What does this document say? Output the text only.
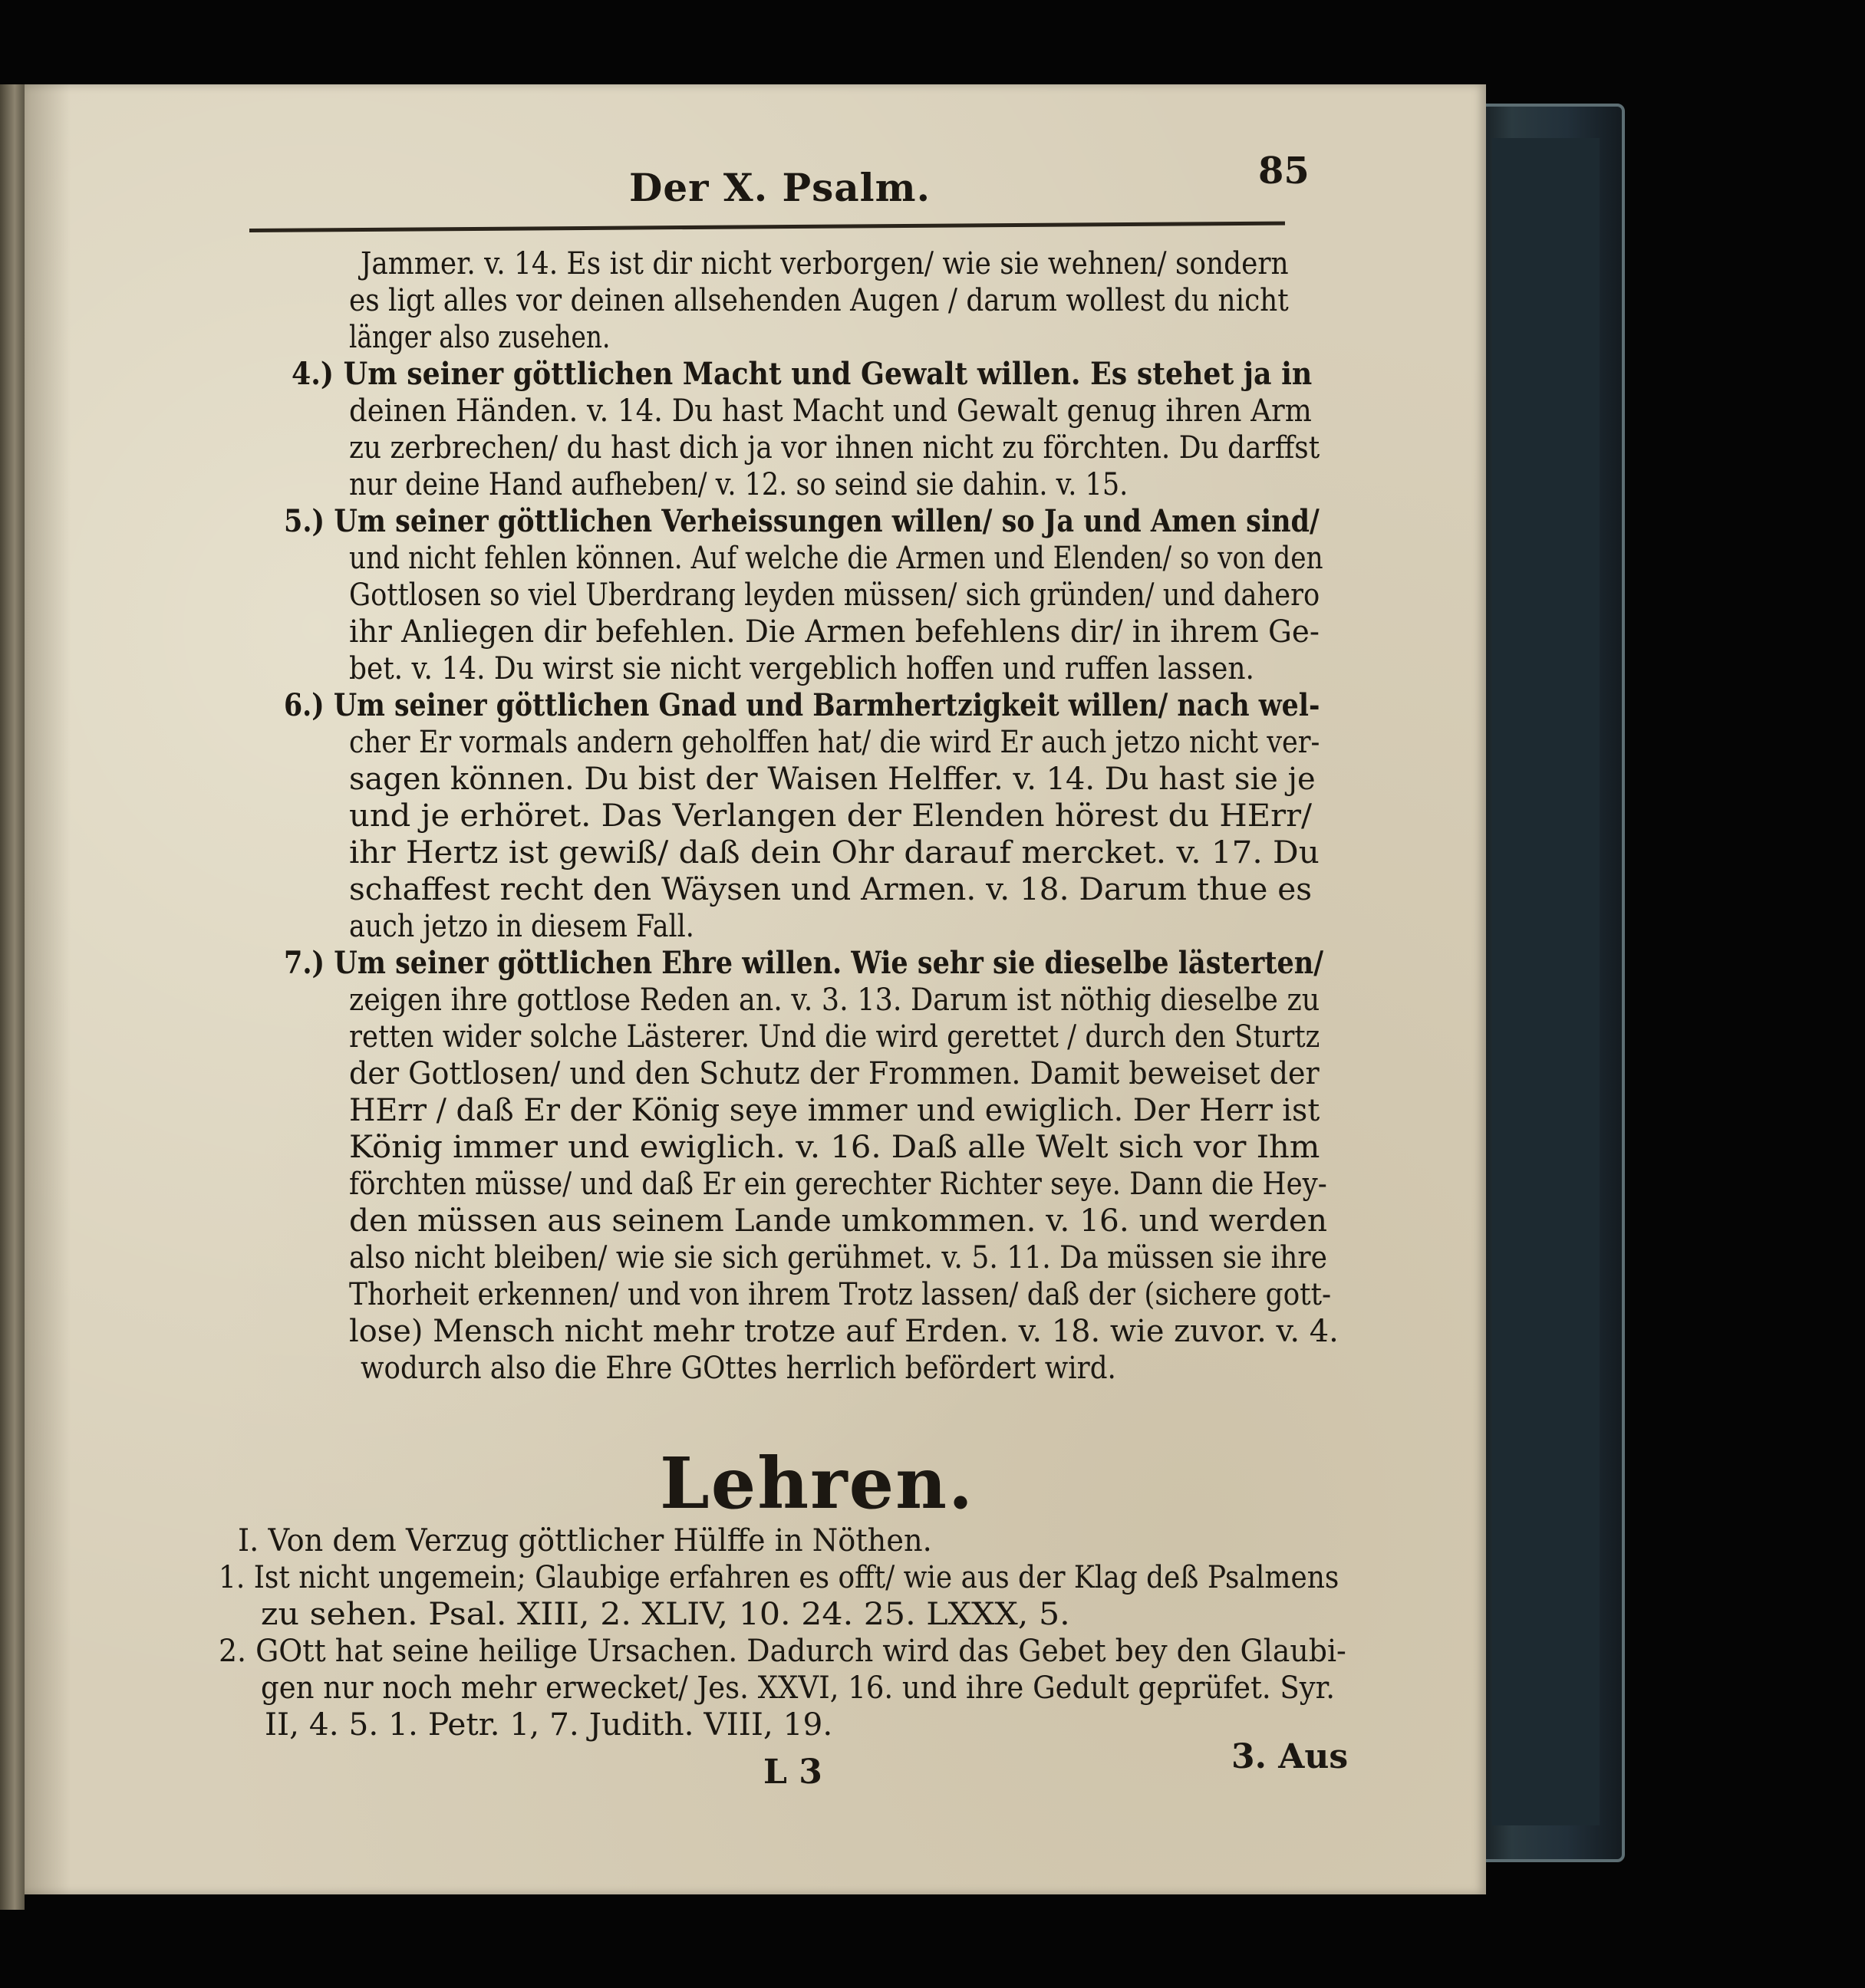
Der X. Psalm.	85
Jammer. v. 14. Es ist dir nicht verborgen/ wie sie wehnen/ sondern
es ligt alles vor deinen allsehenden Augen / darum wollest du nicht
länger also zusehen.
4.) Um seiner göttlichen Macht und Gewalt willen. Es stehet ja in
deinen Händen. v. 14. Du hast Macht und Gewalt genug ihren Arm
zu zerbrechen/ du hast dich ja vor ihnen nicht zu förchten. Du darffst
nur deine Hand aufheben/ v. 12. so seind sie dahin. v. 15.
5.) Um seiner göttlichen Verheissungen willen/ so Ja und Amen sind/
und nicht fehlen können. Auf welche die Armen und Elenden/ so von den
Gottlosen so viel Uberdrang leyden müssen/ sich gründen/ und dahero
ihr Anliegen dir befehlen. Die Armen befehlens dir/ in ihrem Ge-
bet. v. 14. Du wirst sie nicht vergeblich hoffen und ruffen lassen.
6.) Um seiner göttlichen Gnad und Barmhertzigkeit willen/ nach wel-
cher Er vormals andern geholffen hat/ die wird Er auch jetzo nicht ver-
sagen können. Du bist der Waisen Helffer. v. 14. Du hast sie je
und je erhöret. Das Verlangen der Elenden hörest du HErr/
ihr Hertz ist gewiß/ daß dein Ohr darauf mercket. v. 17. Du
schaffest recht den Wäysen und Armen. v. 18. Darum thue es
auch jetzo in diesem Fall.
7.) Um seiner göttlichen Ehre willen. Wie sehr sie dieselbe lästerten/
zeigen ihre gottlose Reden an. v. 3. 13. Darum ist nöthig dieselbe zu
retten wider solche Lästerer. Und die wird gerettet / durch den Sturtz
der Gottlosen/ und den Schutz der Frommen. Damit beweiset der
HErr / daß Er der König seye immer und ewiglich. Der Herr ist
König immer und ewiglich. v. 16. Daß alle Welt sich vor Ihm
förchten müsse/ und daß Er ein gerechter Richter seye. Dann die Hey-
den müssen aus seinem Lande umkommen. v. 16. und werden
also nicht bleiben/ wie sie sich gerühmet. v. 5. 11. Da müssen sie ihre
Thorheit erkennen/ und von ihrem Trotz lassen/ daß der (sichere gott-
lose) Mensch nicht mehr trotze auf Erden. v. 18. wie zuvor. v. 4.
wodurch also die Ehre GOttes herrlich befördert wird.
Lehren.
I. Von dem Verzug göttlicher Hülffe in Nöthen.
1. Ist nicht ungemein; Glaubige erfahren es offt/ wie aus der Klag deß Psalmens
zu sehen. Psal. XIII, 2. XLIV, 10. 24. 25. LXXX, 5.
2. GOtt hat seine heilige Ursachen. Dadurch wird das Gebet bey den Glaubi-
gen nur noch mehr erwecket/ Jes. XXVI, 16. und ihre Gedult geprüfet. Syr.
II, 4. 5. 1. Petr. 1, 7. Judith. VIII, 19.
L 3	3. Aus
